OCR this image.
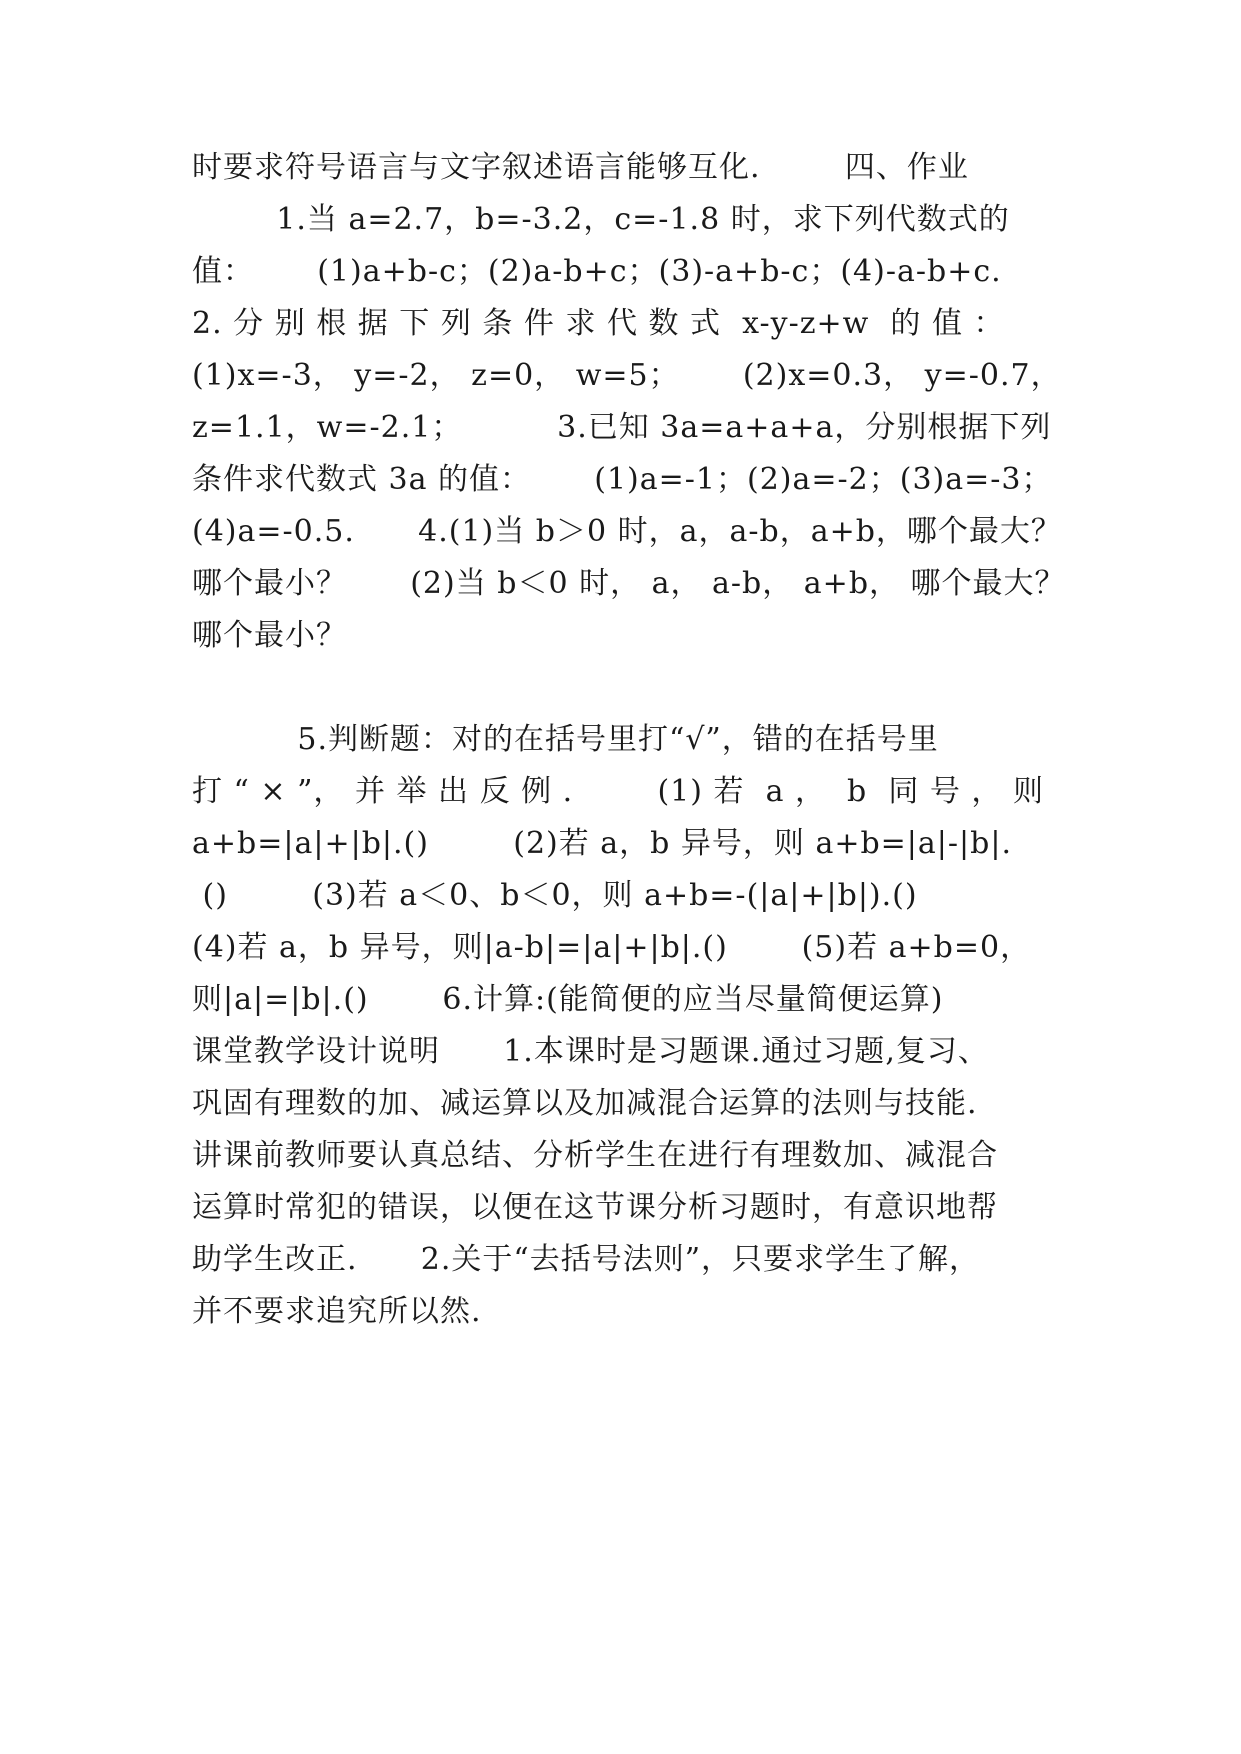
时要求符号语言与文字叙述语言能够互化.        四、作业
1.当 a=2.7，b=-3.2，c=-1.8 时，求下列代数式的
值：      (1)a+b-c；(2)a-b+c；(3)-a+b-c；(4)-a-b+c.
2. 分 别 根 据 下 列 条 件 求 代 数 式  x-y-z+w  的 值 ：
(1)x=-3， y=-2， z=0， w=5；      (2)x=0.3， y=-0.7，
z=1.1，w=-2.1；         3.已知 3a=a+a+a，分别根据下列
条件求代数式 3a 的值：      (1)a=-1；(2)a=-2；(3)a=-3；
(4)a=-0.5.      4.(1)当 b＞0 时，a，a-b，a+b，哪个最大？
哪个最小？      (2)当 b＜0 时， a， a-b， a+b， 哪个最大？
哪个最小？
5.判断题：对的在括号里打“√”，错的在括号里
打 “ × ”， 并 举 出 反 例 .        (1) 若  a ，  b  同 号 ， 则
a+b=|a|+|b|.()        (2)若 a，b 异号，则 a+b=|a|-|b|.
()        (3)若 a＜0、b＜0，则 a+b=-(|a|+|b|).()
(4)若 a，b 异号，则|a-b|=|a|+|b|.()       (5)若 a+b=0，
则|a|=|b|.()       6.计算:(能简便的应当尽量简便运算)
课堂教学设计说明      1.本课时是习题课.通过习题,复习、
巩固有理数的加、减运算以及加减混合运算的法则与技能.
讲课前教师要认真总结、分析学生在进行有理数加、减混合
运算时常犯的错误，以便在这节课分析习题时，有意识地帮
助学生改正.      2.关于“去括号法则”，只要求学生了解，
并不要求追究所以然.
